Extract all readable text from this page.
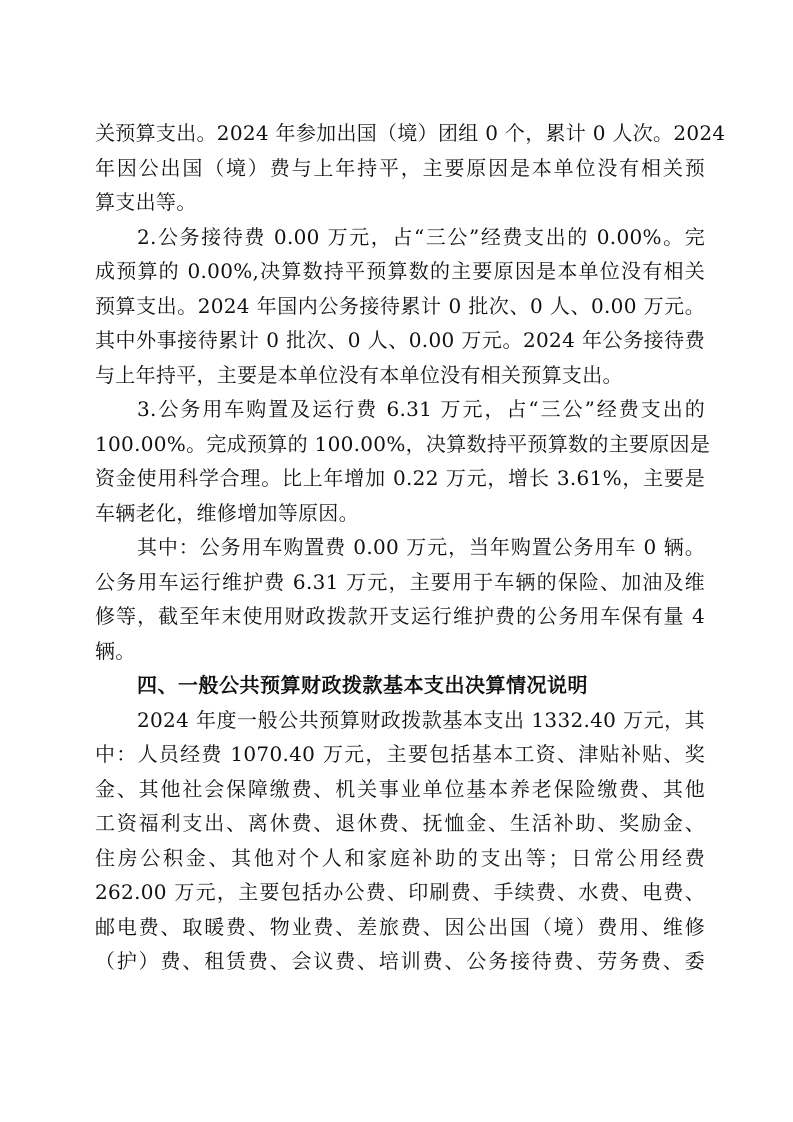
关预算支出。2024 年参加出国（境）团组 0 个，累计 0 人次。2024
年因公出国（境）费与上年持平，主要原因是本单位没有相关预
算支出等。
2.公务接待费 0.00 万元，占“三公”经费支出的 0.00%。完
成预算的 0.00%,决算数持平预算数的主要原因是本单位没有相关
预算支出。2024 年国内公务接待累计 0 批次、0 人、0.00 万元。
其中外事接待累计 0 批次、0 人、0.00 万元。2024 年公务接待费
与上年持平，主要是本单位没有本单位没有相关预算支出。
3.公务用车购置及运行费 6.31 万元，占“三公”经费支出的
100.00%。完成预算的 100.00%，决算数持平预算数的主要原因是
资金使用科学合理。比上年增加 0.22 万元，增长 3.61%，主要是
车辆老化，维修增加等原因。
其中：公务用车购置费 0.00 万元，当年购置公务用车 0 辆。
公务用车运行维护费 6.31 万元，主要用于车辆的保险、加油及维
修等，截至年末使用财政拨款开支运行维护费的公务用车保有量 4
辆。
四、一般公共预算财政拨款基本支出决算情况说明
2024 年度一般公共预算财政拨款基本支出 1332.40 万元，其
中：人员经费 1070.40 万元，主要包括基本工资、津贴补贴、奖
金、其他社会保障缴费、机关事业单位基本养老保险缴费、其他
工资福利支出、离休费、退休费、抚恤金、生活补助、奖励金、
住房公积金、其他对个人和家庭补助的支出等；日常公用经费
262.00 万元，主要包括办公费、印刷费、手续费、水费、电费、
邮电费、取暖费、物业费、差旅费、因公出国（境）费用、维修
（护）费、租赁费、会议费、培训费、公务接待费、劳务费、委
